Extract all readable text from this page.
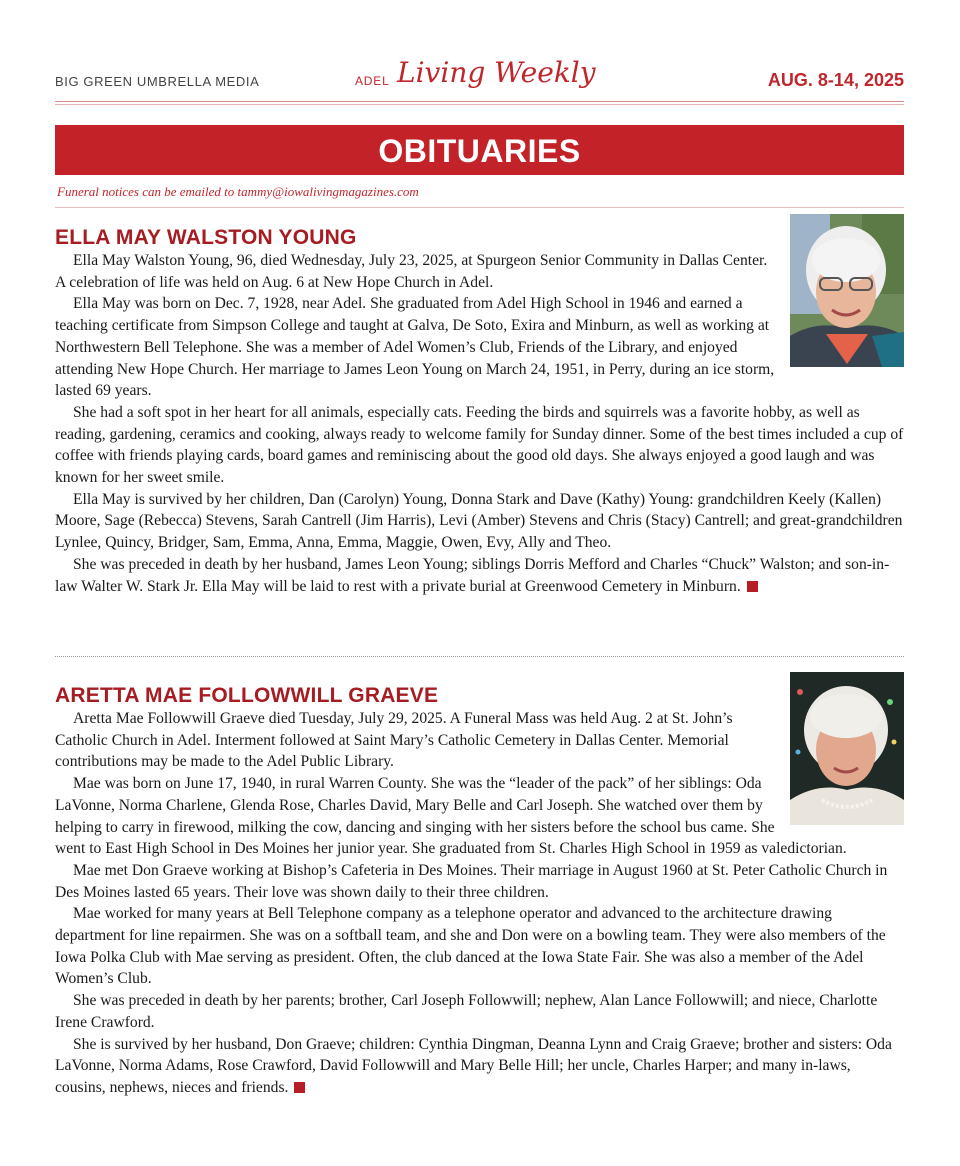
BIG GREEN UMBRELLA MEDIA	ADEL Living Weekly	AUG. 8-14, 2025
OBITUARIES
Funeral notices can be emailed to tammy@iowalivingmagazines.com
ELLA MAY WALSTON YOUNG

Ella May Walston Young, 96, died Wednesday, July 23, 2025, at Spurgeon Senior Community in Dallas Center. A celebration of life was held on Aug. 6 at New Hope Church in Adel.

Ella May was born on Dec. 7, 1928, near Adel. She graduated from Adel High School in 1946 and earned a teaching certificate from Simpson College and taught at Galva, De Soto, Exira and Minburn, as well as working at Northwestern Bell Telephone. She was a member of Adel Women’s Club, Friends of the Library, and enjoyed attending New Hope Church. Her marriage to James Leon Young on March 24, 1951, in Perry, during an ice storm, lasted 69 years.

She had a soft spot in her heart for all animals, especially cats. Feeding the birds and squirrels was a favorite hobby, as well as reading, gardening, ceramics and cooking, always ready to welcome family for Sunday dinner. Some of the best times included a cup of coffee with friends playing cards, board games and reminiscing about the good old days. She always enjoyed a good laugh and was known for her sweet smile.

Ella May is survived by her children, Dan (Carolyn) Young, Donna Stark and Dave (Kathy) Young: grandchildren Keely (Kallen) Moore, Sage (Rebecca) Stevens, Sarah Cantrell (Jim Harris), Levi (Amber) Stevens and Chris (Stacy) Cantrell; and great-grandchildren Lynlee, Quincy, Bridger, Sam, Emma, Anna, Emma, Maggie, Owen, Evy, Ally and Theo.

She was preceded in death by her husband, James Leon Young; siblings Dorris Mefford and Charles “Chuck” Walston; and son-in-law Walter W. Stark Jr. Ella May will be laid to rest with a private burial at Greenwood Cemetery in Minburn.

ARETTA MAE FOLLOWWILL GRAEVE

Aretta Mae Followwill Graeve died Tuesday, July 29, 2025. A Funeral Mass was held Aug. 2 at St. John’s Catholic Church in Adel. Interment followed at Saint Mary’s Catholic Cemetery in Dallas Center. Memorial contributions may be made to the Adel Public Library.

Mae was born on June 17, 1940, in rural Warren County. She was the “leader of the pack” of her siblings: Oda LaVonne, Norma Charlene, Glenda Rose, Charles David, Mary Belle and Carl Joseph. She watched over them by helping to carry in firewood, milking the cow, dancing and singing with her sisters before the school bus came. She went to East High School in Des Moines her junior year. She graduated from St. Charles High School in 1959 as valedictorian.

Mae met Don Graeve working at Bishop’s Cafeteria in Des Moines. Their marriage in August 1960 at St. Peter Catholic Church in Des Moines lasted 65 years. Their love was shown daily to their three children.

Mae worked for many years at Bell Telephone company as a telephone operator and advanced to the architecture drawing department for line repairmen. She was on a softball team, and she and Don were on a bowling team. They were also members of the Iowa Polka Club with Mae serving as president. Often, the club danced at the Iowa State Fair. She was also a member of the Adel Women’s Club.

She was preceded in death by her parents; brother, Carl Joseph Followwill; nephew, Alan Lance Followwill; and niece, Charlotte Irene Crawford.

She is survived by her husband, Don Graeve; children: Cynthia Dingman, Deanna Lynn and Craig Graeve; brother and sisters: Oda LaVonne, Norma Adams, Rose Crawford, David Followwill and Mary Belle Hill; her uncle, Charles Harper; and many in-laws, cousins, nephews, nieces and friends.
